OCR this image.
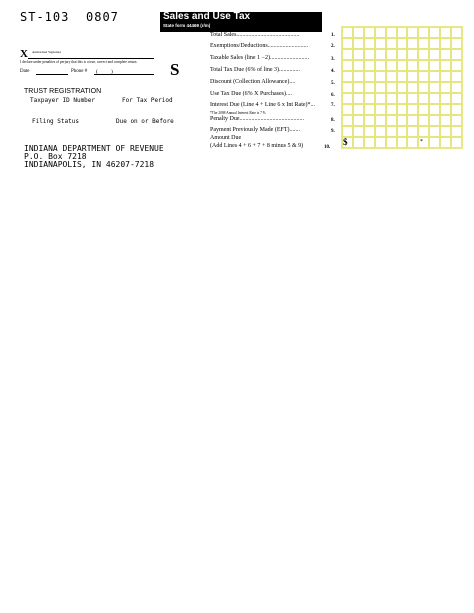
ST-103 0807	Sales and Use Tax
State form 44469 (r/m)
X Authorized Signature
I declare under penalties of perjury that this is a true, correct and complete return.
Date	Phone # ( )	S
TRUST REGISTRATION
Taxpayer ID Number	For Tax Period
Filing Status	Due on or Before
INDIANA DEPARTMENT OF REVENUE
P.O. Box 7218
INDIANAPOLIS, IN 46207-7218
Total Sales..........................................	1.
Exemptions/Deductions...........................	2.
Taxable Sales (line 1 −2)..........................	3.
Total Tax Due (6% of line 3)..............	4.
Discount (Collection Allowance)....	5.
Use Tax Due (6% X Purchases)....	6.
Interest Due (Line 4 + Line 6 x Int Rate)*...	7.
*The 2008 Annual Interest Rate is 7 %
Penalty Due...........................................	8.
Payment Previously Made (EFT).......	9.
Amount Due
(Add Lines 4 + 6 + 7 + 8 minus 5 & 9)	10.
$	*
